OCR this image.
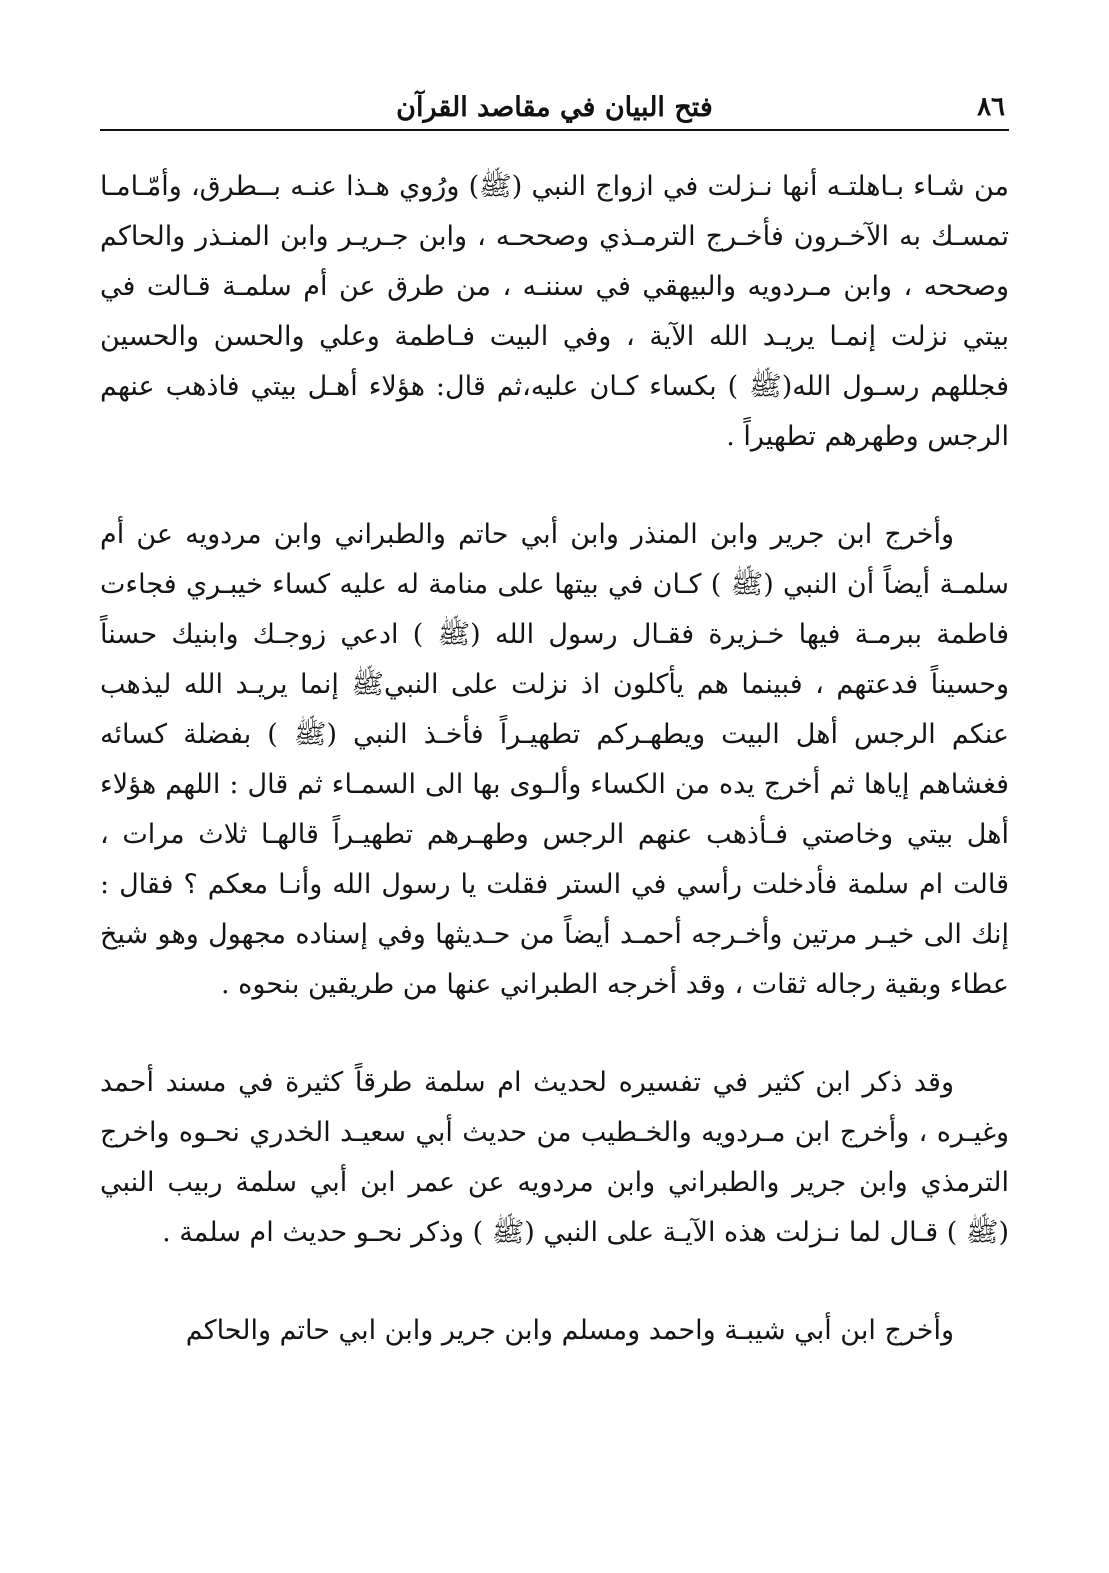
٨٦
فتح البيان في مقاصد القرآن

من شـاء بـاهلتـه أنها نـزلت في ازواج النبي (ﷺ) ورُوي هـذا عنـه بــطرق، وأمّـامـا تمسـك به الآخـرون فأخـرج الترمـذي وصححـه ، وابن جـريـر وابن المنـذر والحاكم وصححه ، وابن مـردويه والبيهقي في سننـه ، من طرق عن أم سلمـة قـالت في بيتي نزلت إنمـا يريـد الله الآية ، وفي البيت فـاطمة وعلي والحسن والحسين فجللهم رسـول الله(ﷺ ) بكساء كـان عليه،ثم قال: هؤلاء أهـل بيتي فاذهب عنهم الرجس وطهرهم تطهيراً .

وأخرج ابن جرير وابن المنذر وابن أبي حاتم والطبراني وابن مردويه عن أم سلمـة أيضاً أن النبي (ﷺ ) كـان في بيتها على منامة له عليه كساء خيبـري فجاءت فاطمة ببرمـة فيها خـزيرة فقـال رسول الله (ﷺ ) ادعي زوجـك وابنيك حسناً وحسيناً فدعتهم ، فبينما هم يأكلون اذ نزلت على النبيﷺ إنما يريـد الله ليذهب عنكم الرجس أهل البيت ويطهـركم تطهيـراً فأخـذ النبي (ﷺ ) بفضلة كسائه فغشاهم إياها ثم أخرج يده من الكساء وألـوى بها الى السمـاء ثم قال : اللهم هؤلاء أهل بيتي وخاصتي فـأذهب عنهم الرجس وطهـرهم تطهيـراً قالهـا ثلاث مرات ، قالت ام سلمة فأدخلت رأسي في الستر فقلت يا رسول الله وأنـا معكم ؟ فقال : إنك الى خيـر مرتين وأخـرجه أحمـد أيضاً من حـديثها وفي إسناده مجهول وهو شيخ عطاء وبقية رجاله ثقات ، وقد أخرجه الطبراني عنها من طريقين بنحوه .

وقد ذكر ابن كثير في تفسيره لحديث ام سلمة طرقاً كثيرة في مسند أحمد وغيـره ، وأخرج ابن مـردويه والخـطيب من حديث أبي سعيـد الخدري نحـوه واخرج الترمذي وابن جرير والطبراني وابن مردويه عن عمر ابن أبي سلمة ربيب النبي (ﷺ ) قـال لما نـزلت هذه الآيـة على النبي (ﷺ ) وذكر نحـو حديث ام سلمة .

وأخرج ابن أبي شيبـة واحمد ومسلم وابن جرير وابن ابي حاتم والحاكم
